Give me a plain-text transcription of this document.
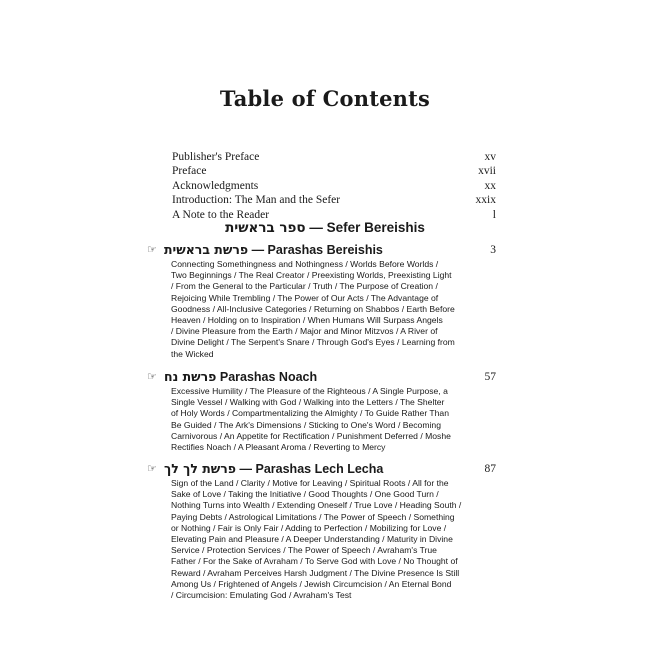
Table of Contents
Publisher's Preface	xv
Preface	xvii
Acknowledgments	xx
Introduction: The Man and the Sefer	xxix
A Note to the Reader	l
ספר בראשית — Sefer Bereishis
☞ פרשת בראשית — Parashas Bereishis	3
Connecting Somethingness and Nothingness / Worlds Before Worlds /
Two Beginnings / The Real Creator / Preexisting Worlds, Preexisting Light
/ From the General to the Particular / Truth / The Purpose of Creation /
Rejoicing While Trembling / The Power of Our Acts / The Advantage of
Goodness / All-Inclusive Categories / Returning on Shabbos / Earth Before
Heaven / Holding on to Inspiration / When Humans Will Surpass Angels
/ Divine Pleasure from the Earth / Major and Minor Mitzvos / A River of
Divine Delight / The Serpent's Snare / Through God's Eyes / Learning from
the Wicked
☞ פרשת נח Parashas Noach	57
Excessive Humility / The Pleasure of the Righteous / A Single Purpose, a
Single Vessel / Walking with God / Walking into the Letters / The Shelter
of Holy Words / Compartmentalizing the Almighty / To Guide Rather Than
Be Guided / The Ark's Dimensions / Sticking to One's Word / Becoming
Carnivorous / An Appetite for Rectification / Punishment Deferred / Moshe
Rectifies Noach / A Pleasant Aroma / Reverting to Mercy
☞ פרשת לך לך — Parashas Lech Lecha	87
Sign of the Land / Clarity / Motive for Leaving / Spiritual Roots / All for the
Sake of Love / Taking the Initiative / Good Thoughts / One Good Turn /
Nothing Turns into Wealth / Extending Oneself / True Love / Heading South /
Paying Debts / Astrological Limitations / The Power of Speech / Something
or Nothing / Fair is Only Fair / Adding to Perfection / Mobilizing for Love /
Elevating Pain and Pleasure / A Deeper Understanding / Maturity in Divine
Service / Protection Services / The Power of Speech / Avraham's True
Father / For the Sake of Avraham / To Serve God with Love / No Thought of
Reward / Avraham Perceives Harsh Judgment / The Divine Presence Is Still
Among Us / Frightened of Angels / Jewish Circumcision / An Eternal Bond
/ Circumcision: Emulating God / Avraham's Test
